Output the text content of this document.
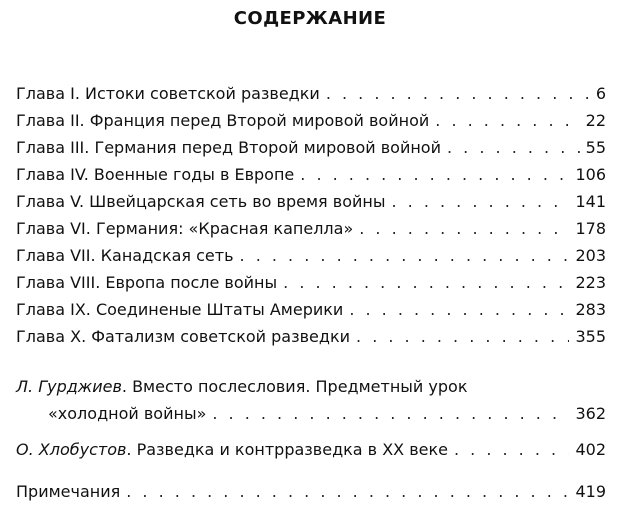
СОДЕРЖАНИЕ
Глава I. Истоки советской разведки . . .	6
Глава II. Франция перед Второй мировой войной . . .	22
Глава III. Германия перед Второй мировой войной . . .	55
Глава IV. Военные годы в Европе . . .	106
Глава V. Швейцарская сеть во время войны . . .	141
Глава VI. Германия: «Красная капелла» . . .	178
Глава VII. Канадская сеть . . .	203
Глава VIII. Европа после войны . . .	223
Глава IX. Соединеные Штаты Америки . . .	283
Глава X. Фатализм советской разведки . . .	355
Л. Гурджиев. Вместо послесловия. Предметный урок
«холодной войны» . . .	362
О. Хлобустов. Разведка и контрразведка в XX веке . . .	402
Примечания . . .	419
